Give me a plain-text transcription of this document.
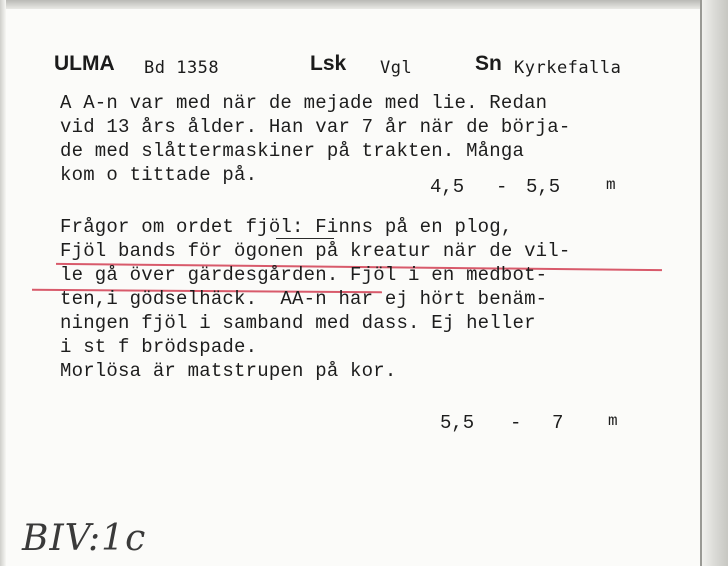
ULMA Bd 1358	Lsk Vgl	Sn Kyrkefalla
A A-n var med när de mejade med lie. Redan
vid 13 års ålder. Han var 7 år när de börja-
de med slåttermaskiner på trakten. Många
kom o tittade på.
4,5 - 5,5	m
Frågor om ordet fjöl: Finns på en plog,
Fjöl bands för ögonen på kreatur när de vil-
le gå över gärdesgården. Fjöl i en medbot-
ten,i gödselhäck.  AA-n har ej hört benäm-
ningen fjöl i samband med dass. Ej heller
i st f brödspade.
Morlösa är matstrupen på kor.
5,5 - 7	m
BIV:1c
